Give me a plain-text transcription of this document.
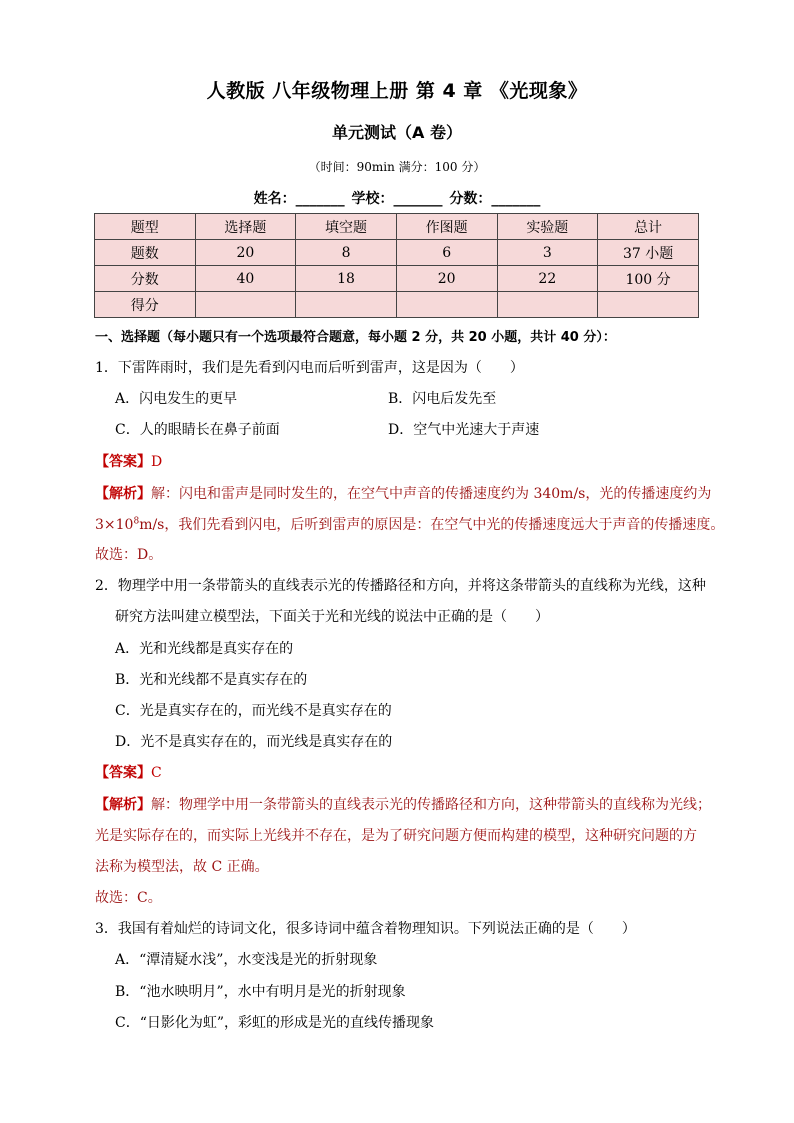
人教版 八年级物理上册 第 4 章 《光现象》
单元测试（A 卷）
（时间：90min 满分：100 分）
姓名：_______ 学校：_______ 分数：_______
题型	选择题	填空题	作图题	实验题	总计
题数	20	8	6	3	37 小题
分数	40	18	20	22	100 分
得分					
一、选择题（每小题只有一个选项最符合题意，每小题 2 分，共 20 小题，共计 40 分）：
1．下雷阵雨时，我们是先看到闪电而后听到雷声，这是因为（　　）
A．闪电发生的更早	B．闪电后发先至
C．人的眼睛长在鼻子前面	D．空气中光速大于声速
【答案】D
【解析】解：闪电和雷声是同时发生的，在空气中声音的传播速度约为 340m/s，光的传播速度约为
$3\times 10^8m/s$，我们先看到闪电，后听到雷声的原因是：在空气中光的传播速度远大于声音的传播速度。
故选：D。
2．物理学中用一条带箭头的直线表示光的传播路径和方向，并将这条带箭头的直线称为光线，这种
研究方法叫建立模型法，下面关于光和光线的说法中正确的是（　　）
A．光和光线都是真实存在的
B．光和光线都不是真实存在的
C．光是真实存在的，而光线不是真实存在的
D．光不是真实存在的，而光线是真实存在的
【答案】C
【解析】解：物理学中用一条带箭头的直线表示光的传播路径和方向，这种带箭头的直线称为光线；
光是实际存在的，而实际上光线并不存在，是为了研究问题方便而构建的模型，这种研究问题的方
法称为模型法，故 C 正确。
故选：C。
3．我国有着灿烂的诗词文化，很多诗词中蕴含着物理知识。下列说法正确的是（　　）
A．“潭清疑水浅”，水变浅是光的折射现象
B．“池水映明月”，水中有明月是光的折射现象
C．“日影化为虹”，彩虹的形成是光的直线传播现象
